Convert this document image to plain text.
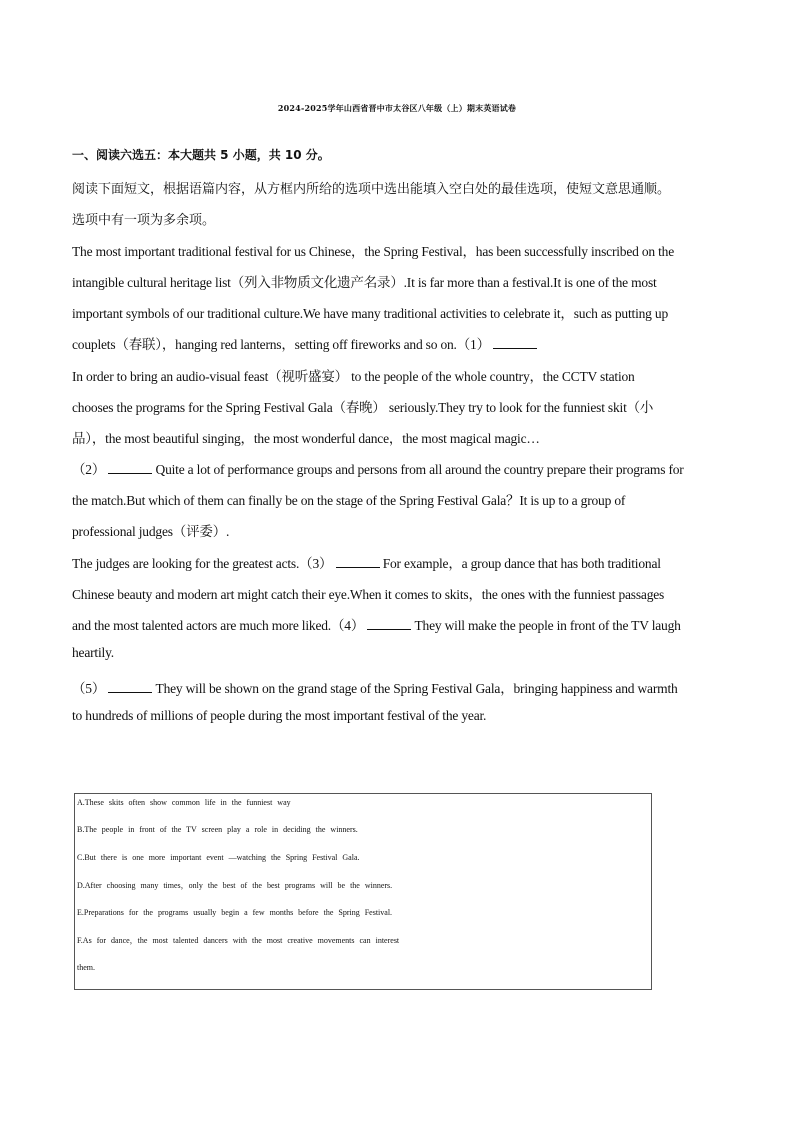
2024-2025学年山西省晋中市太谷区八年级（上）期末英语试卷
一、阅读六选五：本大题共 5 小题，共 10 分。
阅读下面短文，根据语篇内容，从方框内所给的选项中选出能填入空白处的最佳选项，使短文意思通顺。
选项中有一项为多余项。
The most important traditional festival for us Chinese，the Spring Festival，has been successfully inscribed on the
intangible cultural heritage list（列入非物质文化遗产名录）.It is far more than a festival.It is one of the most
important symbols of our traditional culture.We have many traditional activities to celebrate it，such as putting up
couplets（春联），hanging red lanterns，setting off fireworks and so on.（1）
In order to bring an audio-visual feast（视听盛宴） to the people of the whole country，the CCTV station
chooses the programs for the Spring Festival Gala（春晚） seriously.They try to look for the funniest skit（小
品），the most beautiful singing，the most wonderful dance，the most magical magic…
（2）	Quite a lot of performance groups and persons from all around the country prepare their programs for
the match.But which of them can finally be on the stage of the Spring Festival Gala？It is up to a group of
professional judges（评委）.
The judges are looking for the greatest acts.（3）	For example，a group dance that has both traditional
Chinese beauty and modern art might catch their eye.When it comes to skits，the ones with the funniest passages
and the most talented actors are much more liked.（4）	They will make the people in front of the TV laugh
heartily.
（5）	They will be shown on the grand stage of the Spring Festival Gala，bringing happiness and warmth
to hundreds of millions of people during the most important festival of the year.
A.These skits often show common life in the funniest way
B.The people in front of the TV screen play a role in deciding the winners.
C.But there is one more important event —watching the Spring Festival Gala.
D.After choosing many times，only the best of the best programs will be the winners.
E.Preparations for the programs usually begin a few months before the Spring Festival.
F.As for dance，the most talented dancers with the most creative movements can interest
them.
